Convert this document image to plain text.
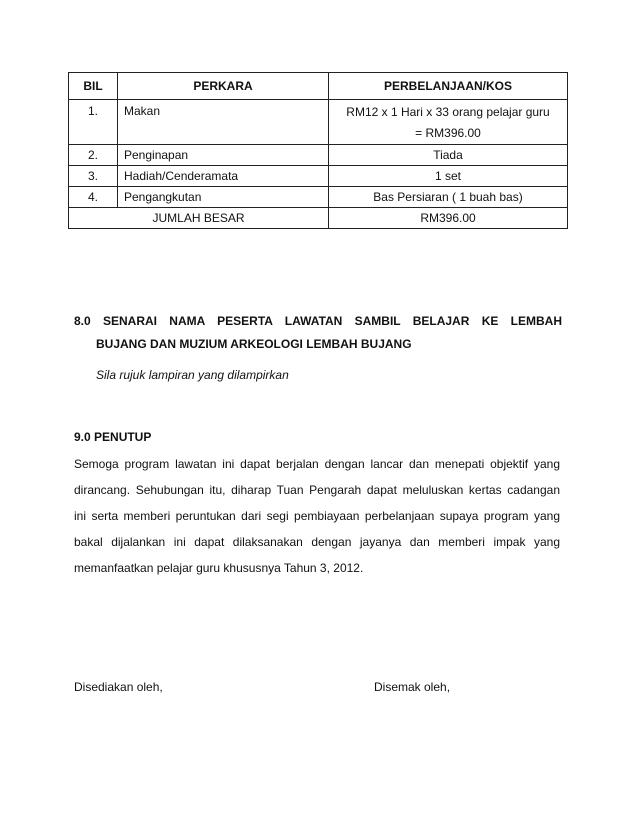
BIL	PERKARA	PERBELANJAAN/KOS
1.	Makan	RM12 x 1 Hari x 33 orang pelajar guru
= RM396.00

2.	Penginapan	Tiada
3.	Hadiah/Cenderamata	1 set
4.	Pengangkutan	Bas Persiaran ( 1 buah bas)
JUMLAH BESAR		RM396.00
8.0 SENARAI NAMA PESERTA LAWATAN SAMBIL BELAJAR KE LEMBAH
BUJANG DAN MUZIUM ARKEOLOGI LEMBAH BUJANG
Sila rujuk lampiran yang dilampirkan
9.0 PENUTUP
Semoga program lawatan ini dapat berjalan dengan lancar dan menepati objektif yang
dirancang. Sehubungan itu, diharap Tuan Pengarah dapat meluluskan kertas cadangan
ini serta memberi peruntukan dari segi pembiayaan perbelanjaan supaya program yang
bakal dijalankan ini dapat dilaksanakan dengan jayanya dan memberi impak yang
memanfaatkan pelajar guru khususnya Tahun 3, 2012.
Disediakan oleh,	Disemak oleh,
